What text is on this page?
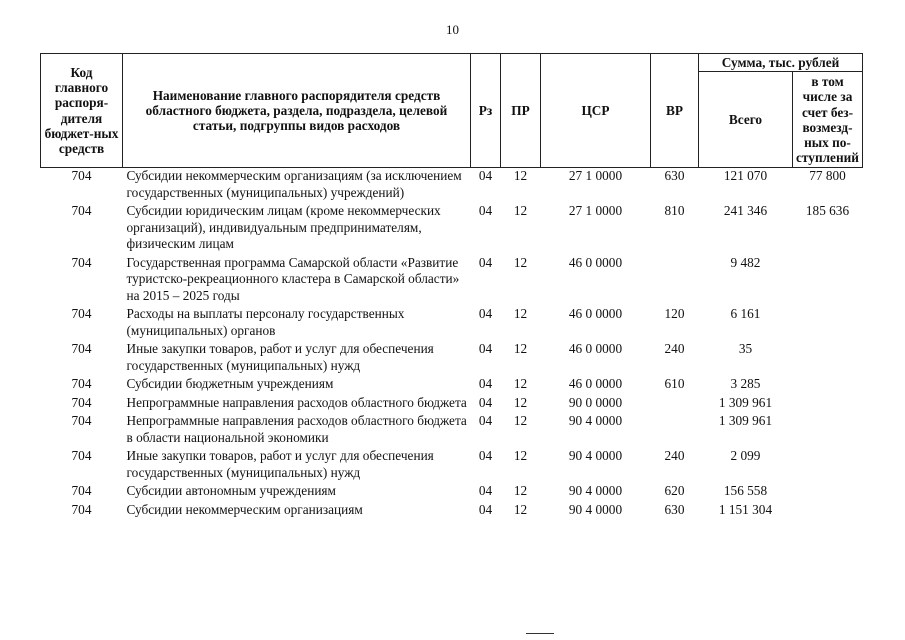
10
Код главного распоря-дителя бюджет-ных средств	Наименование главного распорядителя средств областного бюджета, раздела, подраздела, целевой статьи, подгруппы видов расходов	Рз	ПР	ЦСР	ВР	Сумма, тыс. рублей	
						Всего	в том числе за счет без-возмезд-ных по-ступлений
704	Субсидии некоммерческим организациям (за исключением государственных (муниципальных) учреждений)	04	12	27 1 0000	630	121 070	77 800
704	Субсидии юридическим лицам (кроме некоммерческих организаций), индивидуальным предпринимателям, физическим лицам	04	12	27 1 0000	810	241 346	185 636
704	Государственная программа Самарской области «Развитие туристско-рекреационного кластера в Самарской области» на 2015 – 2025 годы	04	12	46 0 0000		9 482	
704	Расходы на выплаты персоналу государственных (муниципальных) органов	04	12	46 0 0000	120	6 161	
704	Иные закупки товаров, работ и услуг для обеспечения государственных (муниципальных) нужд	04	12	46 0 0000	240	35	
704	Субсидии бюджетным учреждениям	04	12	46 0 0000	610	3 285	
704	Непрограммные направления расходов областного бюджета	04	12	90 0 0000		1 309 961	
704	Непрограммные направления расходов областного бюджета в области национальной экономики	04	12	90 4 0000		1 309 961	
704	Иные закупки товаров, работ и услуг для обеспечения государственных (муниципальных) нужд	04	12	90 4 0000	240	2 099	
704	Субсидии автономным учреждениям	04	12	90 4 0000	620	156 558	
704	Субсидии некоммерческим организациям	04	12	90 4 0000	630	1 151 304	
